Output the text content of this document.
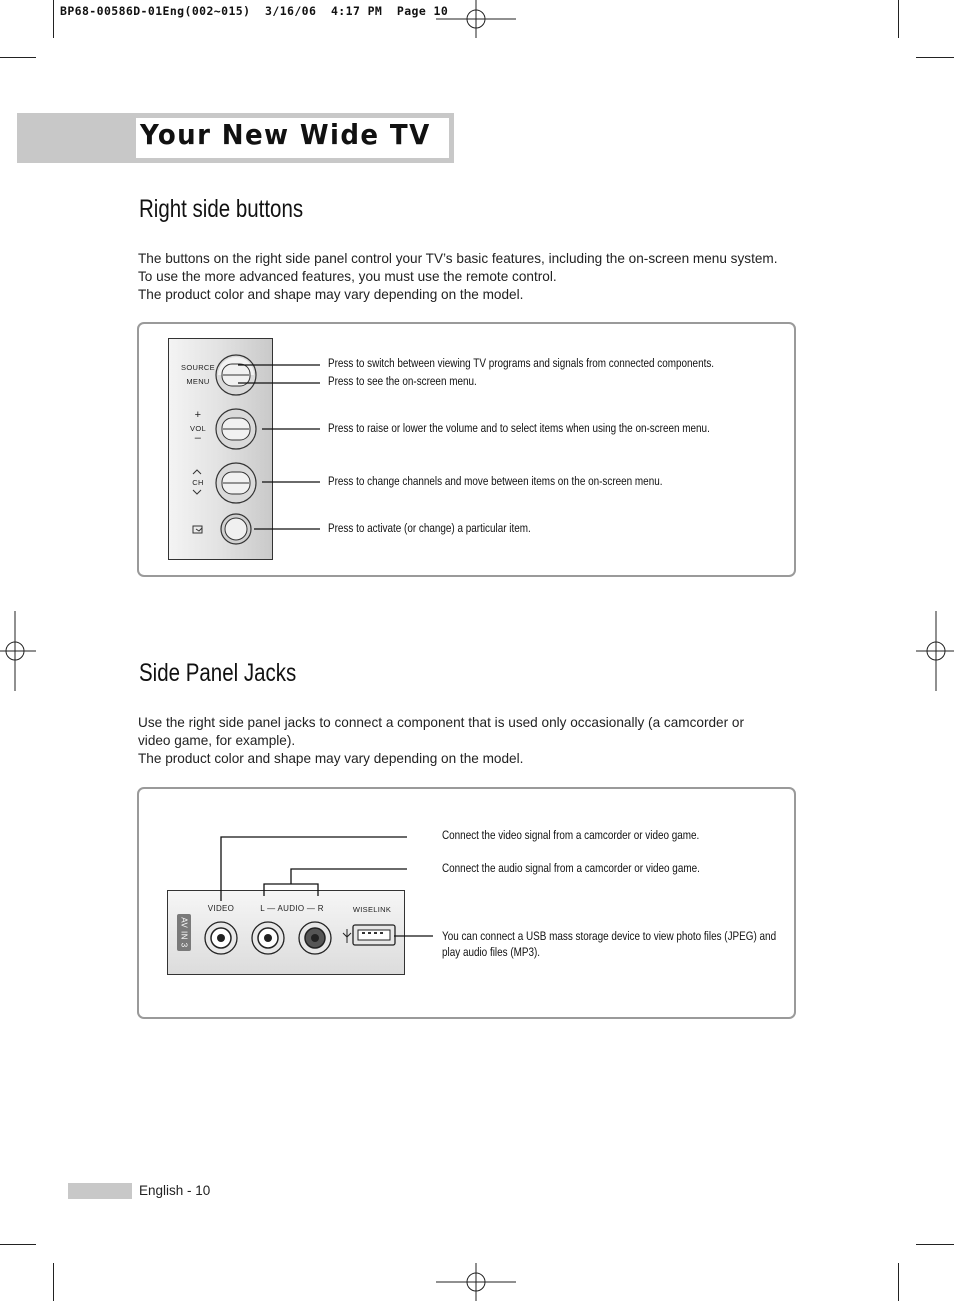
BP68-00586D-01Eng(002~015)  3/16/06  4:17 PM  Page 10
Your New Wide TV
Right side buttons
The buttons on the right side panel control your TV’s basic features, including the on-screen menu system.
To use the more advanced features, you must use the remote control.
The product color and shape may vary depending on the model.
SOURCE
MENU
+
VOL
–
CH
Press to switch between viewing TV programs and signals from connected components.
Press to see the on-screen menu.
Press to raise or lower the volume and to select items when using the on-screen menu.
Press to change channels and move between items on the on-screen menu.
Press to activate (or change) a particular item.
Side Panel Jacks
Use the right side panel jacks to connect a component that is used only occasionally (a camcorder or
video game, for example).
The product color and shape may vary depending on the model.
AV IN 3
VIDEO	L — AUDIO — R	WISELINK
Connect the video signal from a camcorder or video game.
Connect the audio signal from a camcorder or video game.
You can connect a USB mass storage device to view photo files (JPEG) and play audio files (MP3).
English - 10
